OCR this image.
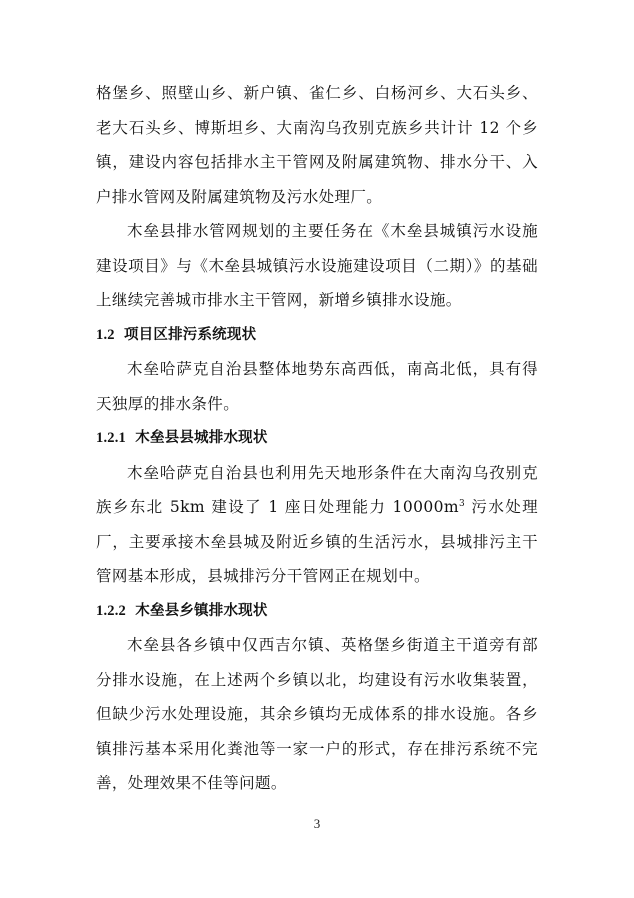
格堡乡、照壁山乡、新户镇、雀仁乡、白杨河乡、大石头乡、老大石头乡、博斯坦乡、大南沟乌孜别克族乡共计计 12 个乡镇，建设内容包括排水主干管网及附属建筑物、排水分干、入户排水管网及附属建筑物及污水处理厂。

木垒县排水管网规划的主要任务在《木垒县城镇污水设施建设项目》与《木垒县城镇污水设施建设项目（二期）》的基础上继续完善城市排水主干管网，新增乡镇排水设施。

1.2 项目区排污系统现状

木垒哈萨克自治县整体地势东高西低，南高北低，具有得天独厚的排水条件。

1.2.1 木垒县县城排水现状

木垒哈萨克自治县也利用先天地形条件在大南沟乌孜别克族乡东北 5km 建设了 1 座日处理能力 $10000m^3$ 污水处理厂，主要承接木垒县城及附近乡镇的生活污水，县城排污主干管网基本形成，县城排污分干管网正在规划中。

1.2.2 木垒县乡镇排水现状

木垒县各乡镇中仅西吉尔镇、英格堡乡街道主干道旁有部分排水设施，在上述两个乡镇以北，均建设有污水收集装置，但缺少污水处理设施，其余乡镇均无成体系的排水设施。各乡镇排污基本采用化粪池等一家一户的形式，存在排污系统不完善，处理效果不佳等问题。

3
